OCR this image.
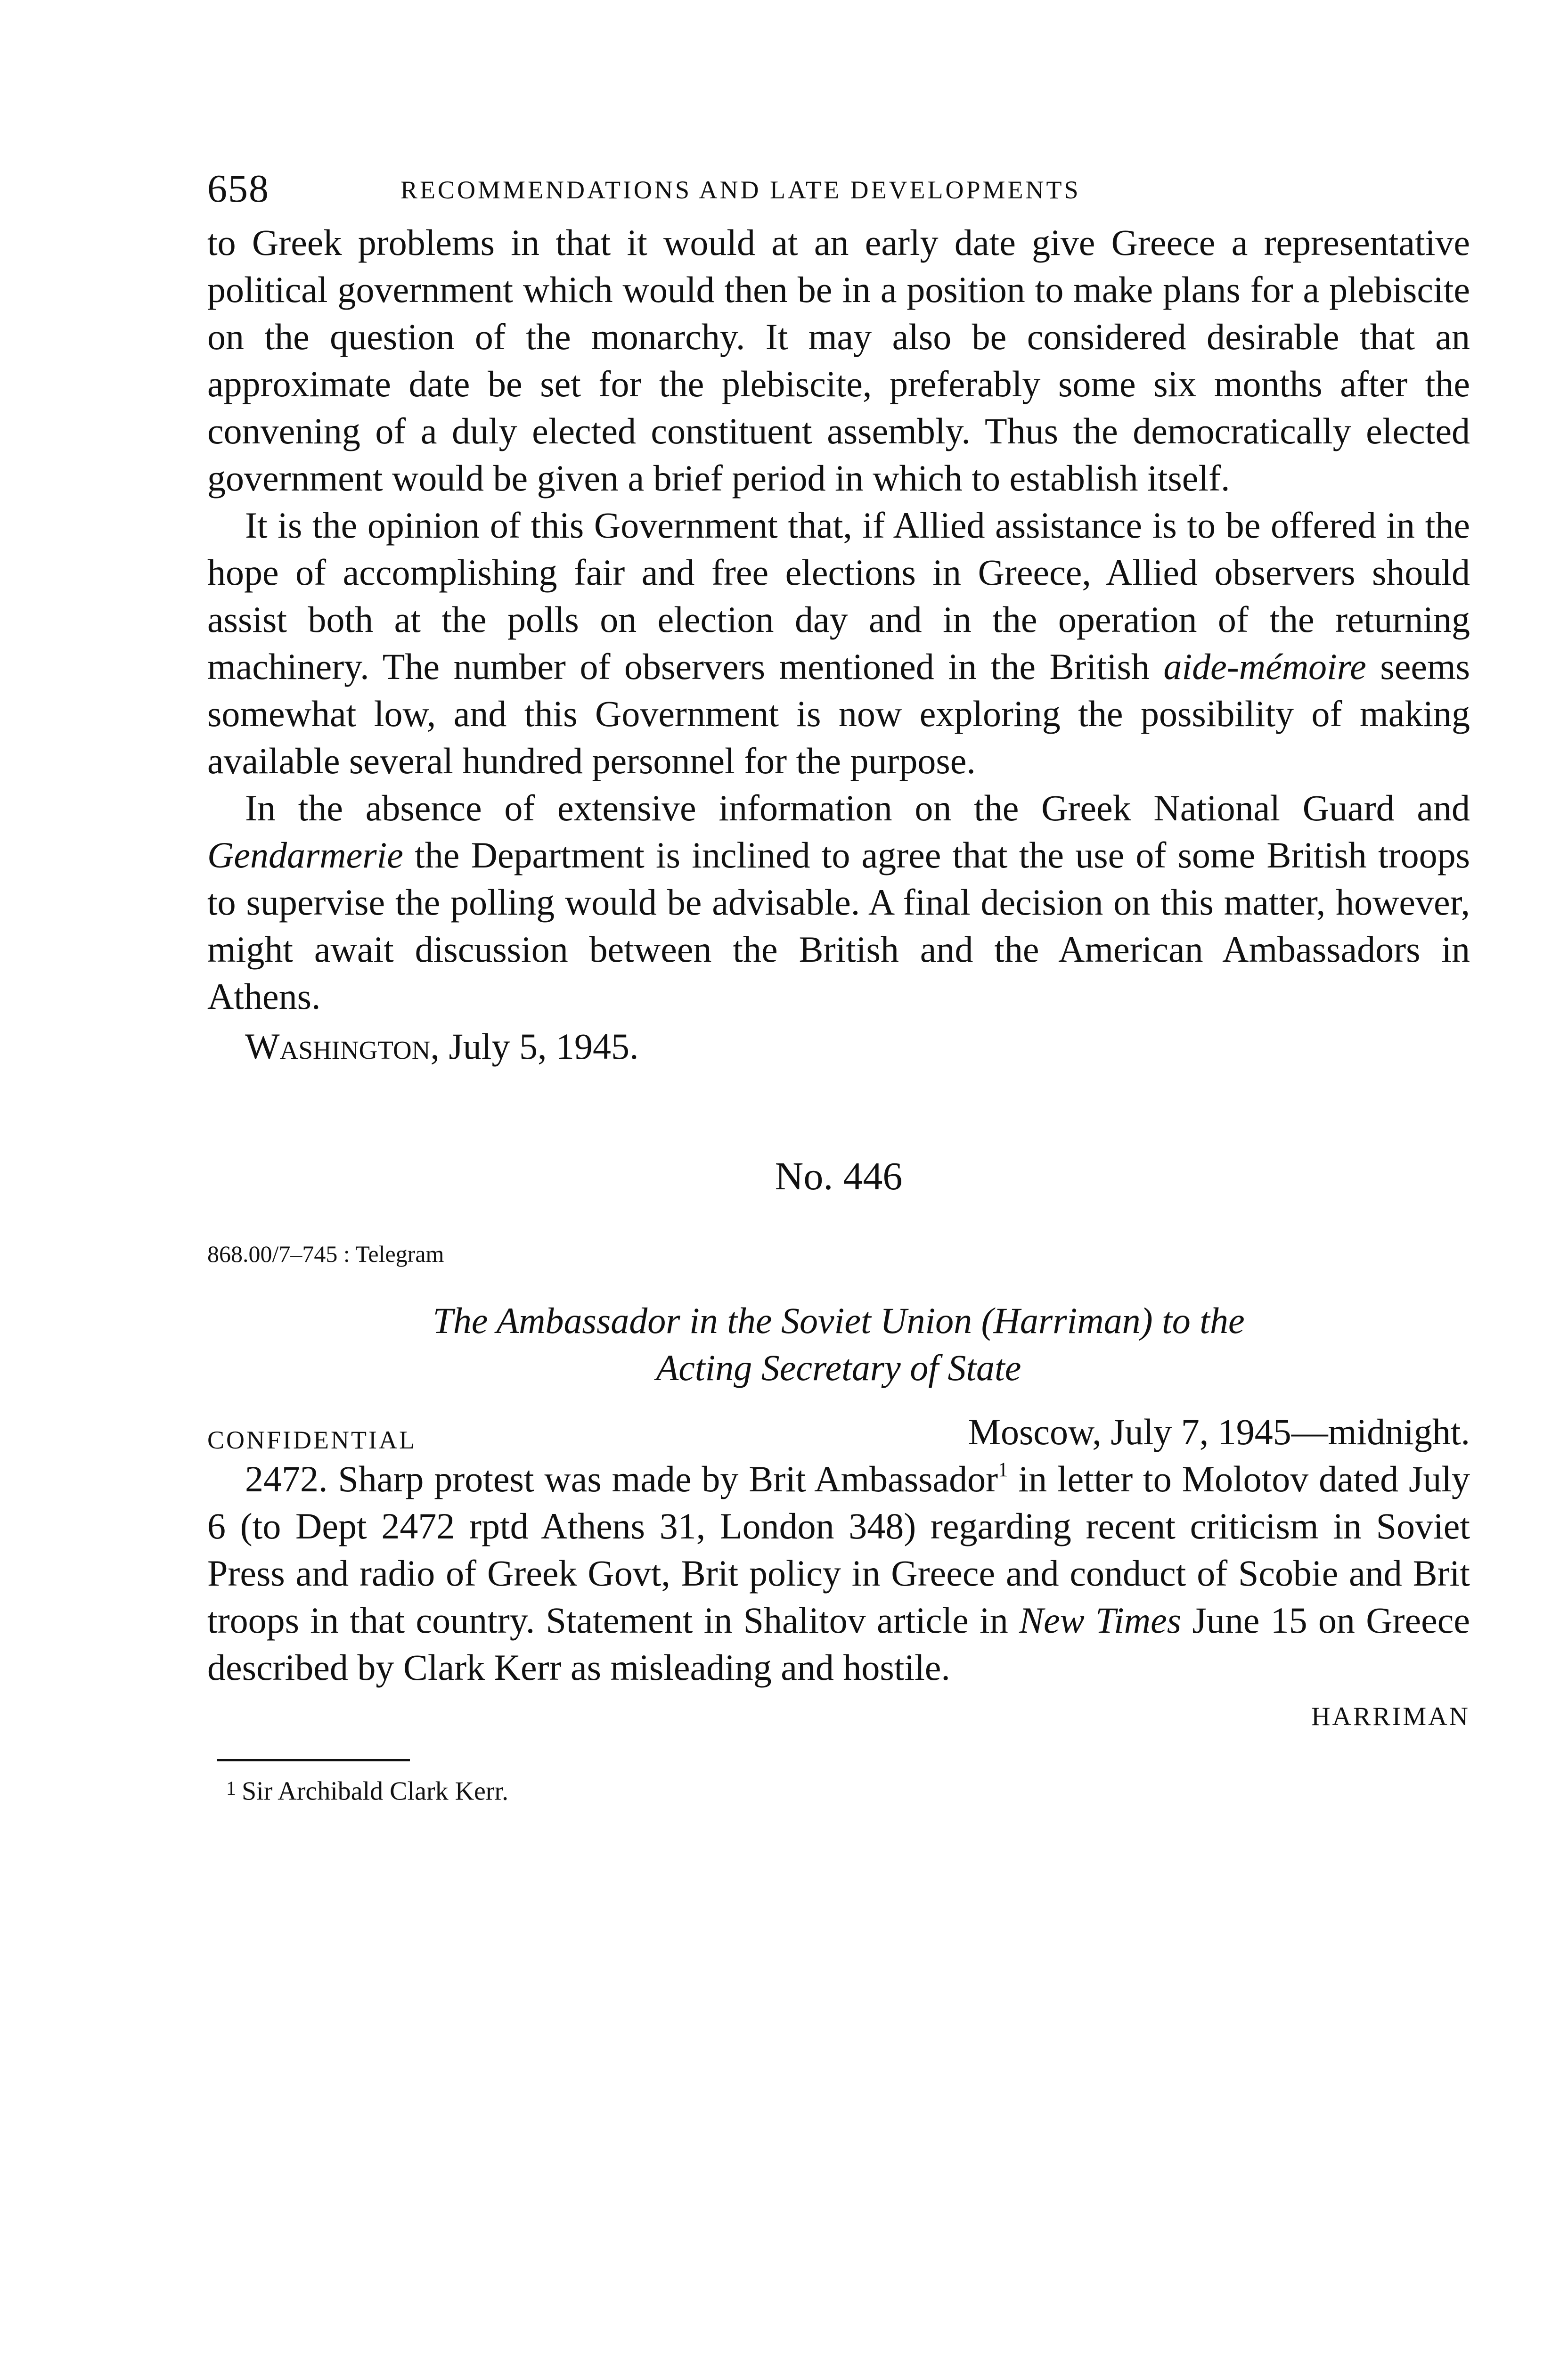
658	RECOMMENDATIONS AND LATE DEVELOPMENTS

to Greek problems in that it would at an early date give Greece a representative political government which would then be in a position to make plans for a plebiscite on the question of the monarchy. It may also be considered desirable that an approximate date be set for the plebiscite, preferably some six months after the convening of a duly elected constituent assembly. Thus the democratically elected government would be given a brief period in which to establish itself.

It is the opinion of this Government that, if Allied assistance is to be offered in the hope of accomplishing fair and free elections in Greece, Allied observers should assist both at the polls on election day and in the operation of the returning machinery. The number of observers mentioned in the British aide-mémoire seems somewhat low, and this Government is now exploring the possibility of making available several hundred personnel for the purpose.

In the absence of extensive information on the Greek National Guard and Gendarmerie the Department is inclined to agree that the use of some British troops to supervise the polling would be advisable. A final decision on this matter, however, might await discussion between the British and the American Ambassadors in Athens.

Washington, July 5, 1945.

No. 446
868.00/7–745 : Telegram
The Ambassador in the Soviet Union (Harriman) to the
Acting Secretary of State
CONFIDENTIAL	Moscow, July 7, 1945—midnight.

2472. Sharp protest was made by Brit Ambassador$^1$ in letter to Molotov dated July 6 (to Dept 2472 rptd Athens 31, London 348) regarding recent criticism in Soviet Press and radio of Greek Govt, Brit policy in Greece and conduct of Scobie and Brit troops in that country. Statement in Shalitov article in New Times June 15 on Greece described by Clark Kerr as misleading and hostile.

HARRIMAN
1 Sir Archibald Clark Kerr.
